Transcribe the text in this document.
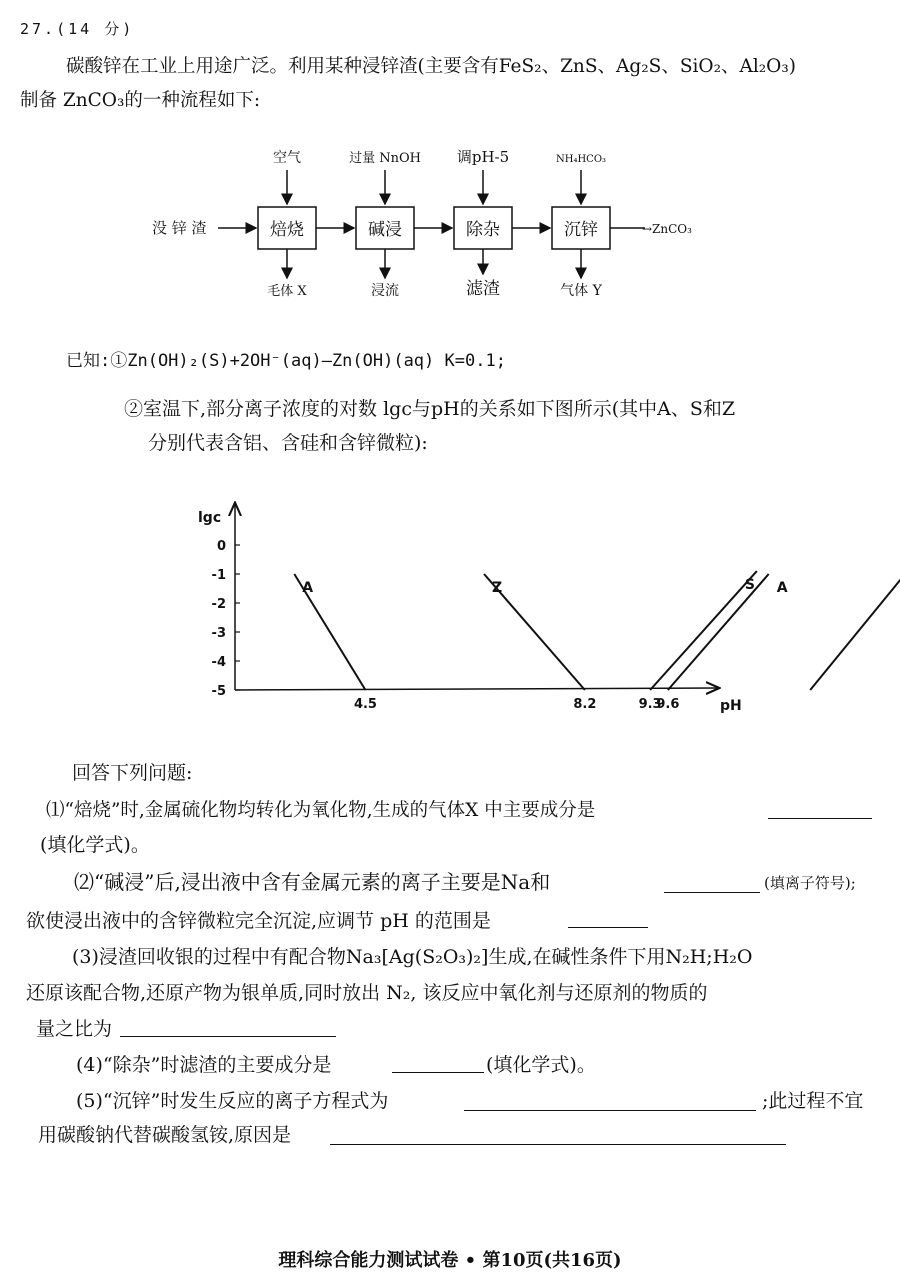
27.(14 分)
碳酸锌在工业上用途广泛。利用某种浸锌渣(主要含有FeS₂、ZnS、Ag₂S、SiO₂、Al₂O₃)
制备 ZnCO₃的一种流程如下:
没 锌 渣	焙烧	碱浸	除杂	沉锌	→ZnCO₃
空气	过量 NnOH 调pH-5	NH₄HCO₃
毛体 X	浸流	滤渣	气体 Y
已知:①Zn(OH)₂(S)+2OH⁻(aq)—Zn(OH)(aq) K=0.1;
②室温下,部分离子浓度的对数 lgc与pH的关系如下图所示(其中A、S和Z
分别代表含铝、含硅和含锌微粒):
lgc
pH
0
-1
-2
-3
-4
-5
4.5	8.2	9.3
9.6
A	Z	S A
回答下列问题:
⑴“焙烧”时,金属硫化物均转化为氧化物,生成的气体X 中主要成分是
(填化学式)。
⑵“碱浸”后,浸出液中含有金属元素的离子主要是Na和	(填离子符号);
欲使浸出液中的含锌微粒完全沉淀,应调节 pH 的范围是
(3)浸渣回收银的过程中有配合物Na₃[Ag(S₂O₃)₂]生成,在碱性条件下用N₂H;H₂O
还原该配合物,还原产物为银单质,同时放出 N₂, 该反应中氧化剂与还原剂的物质的
量之比为
(4)“除杂”时滤渣的主要成分是	(填化学式)。
(5)“沉锌”时发生反应的离子方程式为	;此过程不宜
用碳酸钠代替碳酸氢铵,原因是
理科综合能力测试试卷 • 第10页(共16页)
